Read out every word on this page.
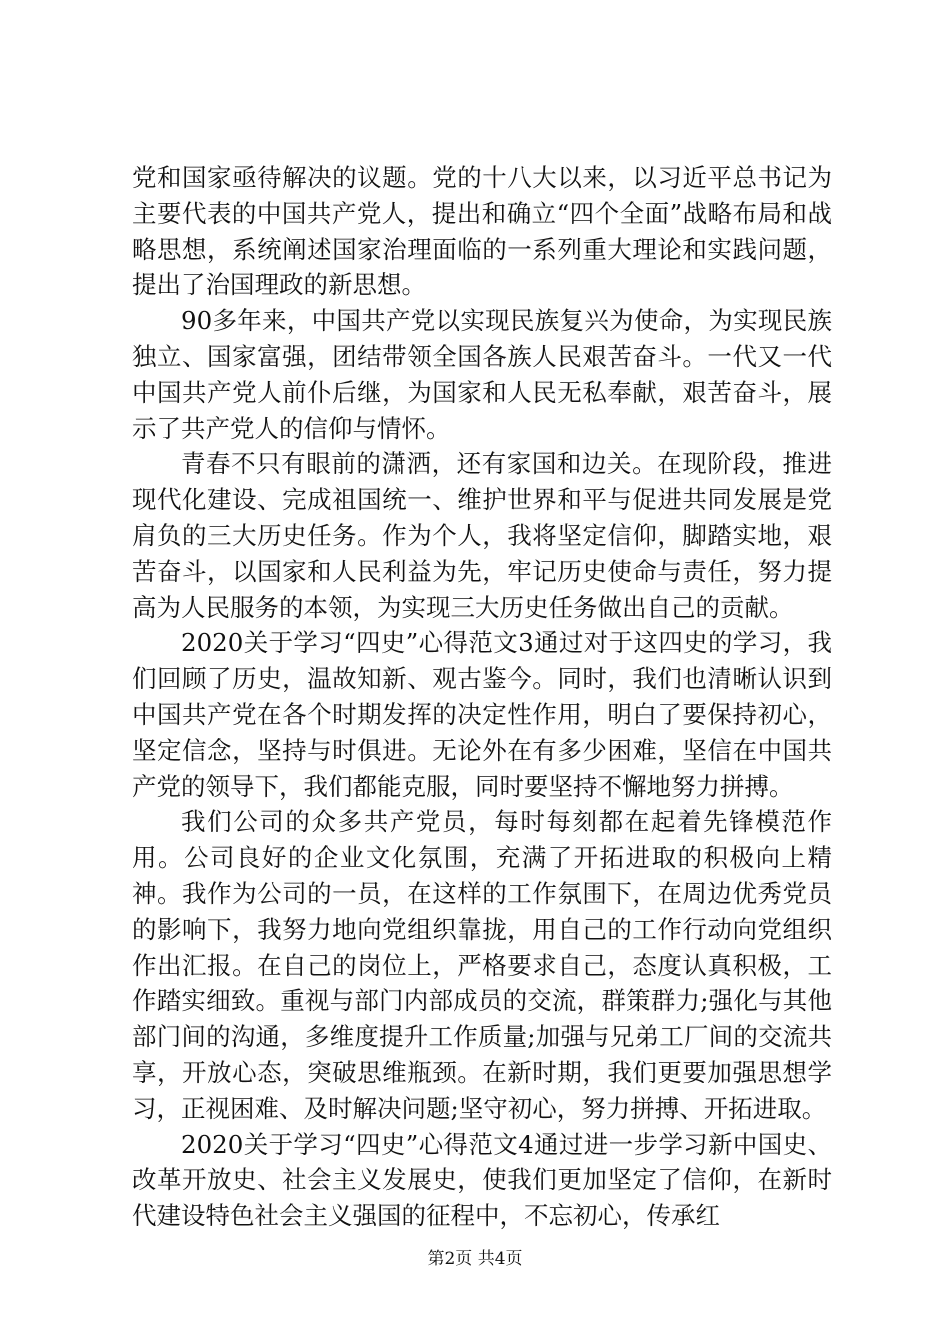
党和国家亟待解决的议题。党的十八大以来，以习近平总书记为主要代表的中国共产党人，提出和确立“四个全面”战略布局和战略思想，系统阐述国家治理面临的一系列重大理论和实践问题，提出了治国理政的新思想。

90多年来，中国共产党以实现民族复兴为使命，为实现民族独立、国家富强，团结带领全国各族人民艰苦奋斗。一代又一代中国共产党人前仆后继，为国家和人民无私奉献，艰苦奋斗，展示了共产党人的信仰与情怀。

青春不只有眼前的潇洒，还有家国和边关。在现阶段，推进现代化建设、完成祖国统一、维护世界和平与促进共同发展是党肩负的三大历史任务。作为个人，我将坚定信仰，脚踏实地，艰苦奋斗，以国家和人民利益为先，牢记历史使命与责任，努力提高为人民服务的本领，为实现三大历史任务做出自己的贡献。

2020关于学习“四史”心得范文3通过对于这四史的学习，我们回顾了历史，温故知新、观古鉴今。同时，我们也清晰认识到中国共产党在各个时期发挥的决定性作用，明白了要保持初心，坚定信念，坚持与时俱进。无论外在有多少困难，坚信在中国共产党的领导下，我们都能克服，同时要坚持不懈地努力拼搏。

我们公司的众多共产党员，每时每刻都在起着先锋模范作用。公司良好的企业文化氛围，充满了开拓进取的积极向上精神。我作为公司的一员，在这样的工作氛围下，在周边优秀党员的影响下，我努力地向党组织靠拢，用自己的工作行动向党组织作出汇报。在自己的岗位上，严格要求自己，态度认真积极，工作踏实细致。重视与部门内部成员的交流，群策群力;强化与其他部门间的沟通，多维度提升工作质量;加强与兄弟工厂间的交流共享，开放心态，突破思维瓶颈。在新时期，我们更要加强思想学习，正视困难、及时解决问题;坚守初心，努力拼搏、开拓进取。

2020关于学习“四史”心得范文4通过进一步学习新中国史、改革开放史、社会主义发展史，使我们更加坚定了信仰，在新时代建设特色社会主义强国的征程中，不忘初心，传承红

第2页 共4页
